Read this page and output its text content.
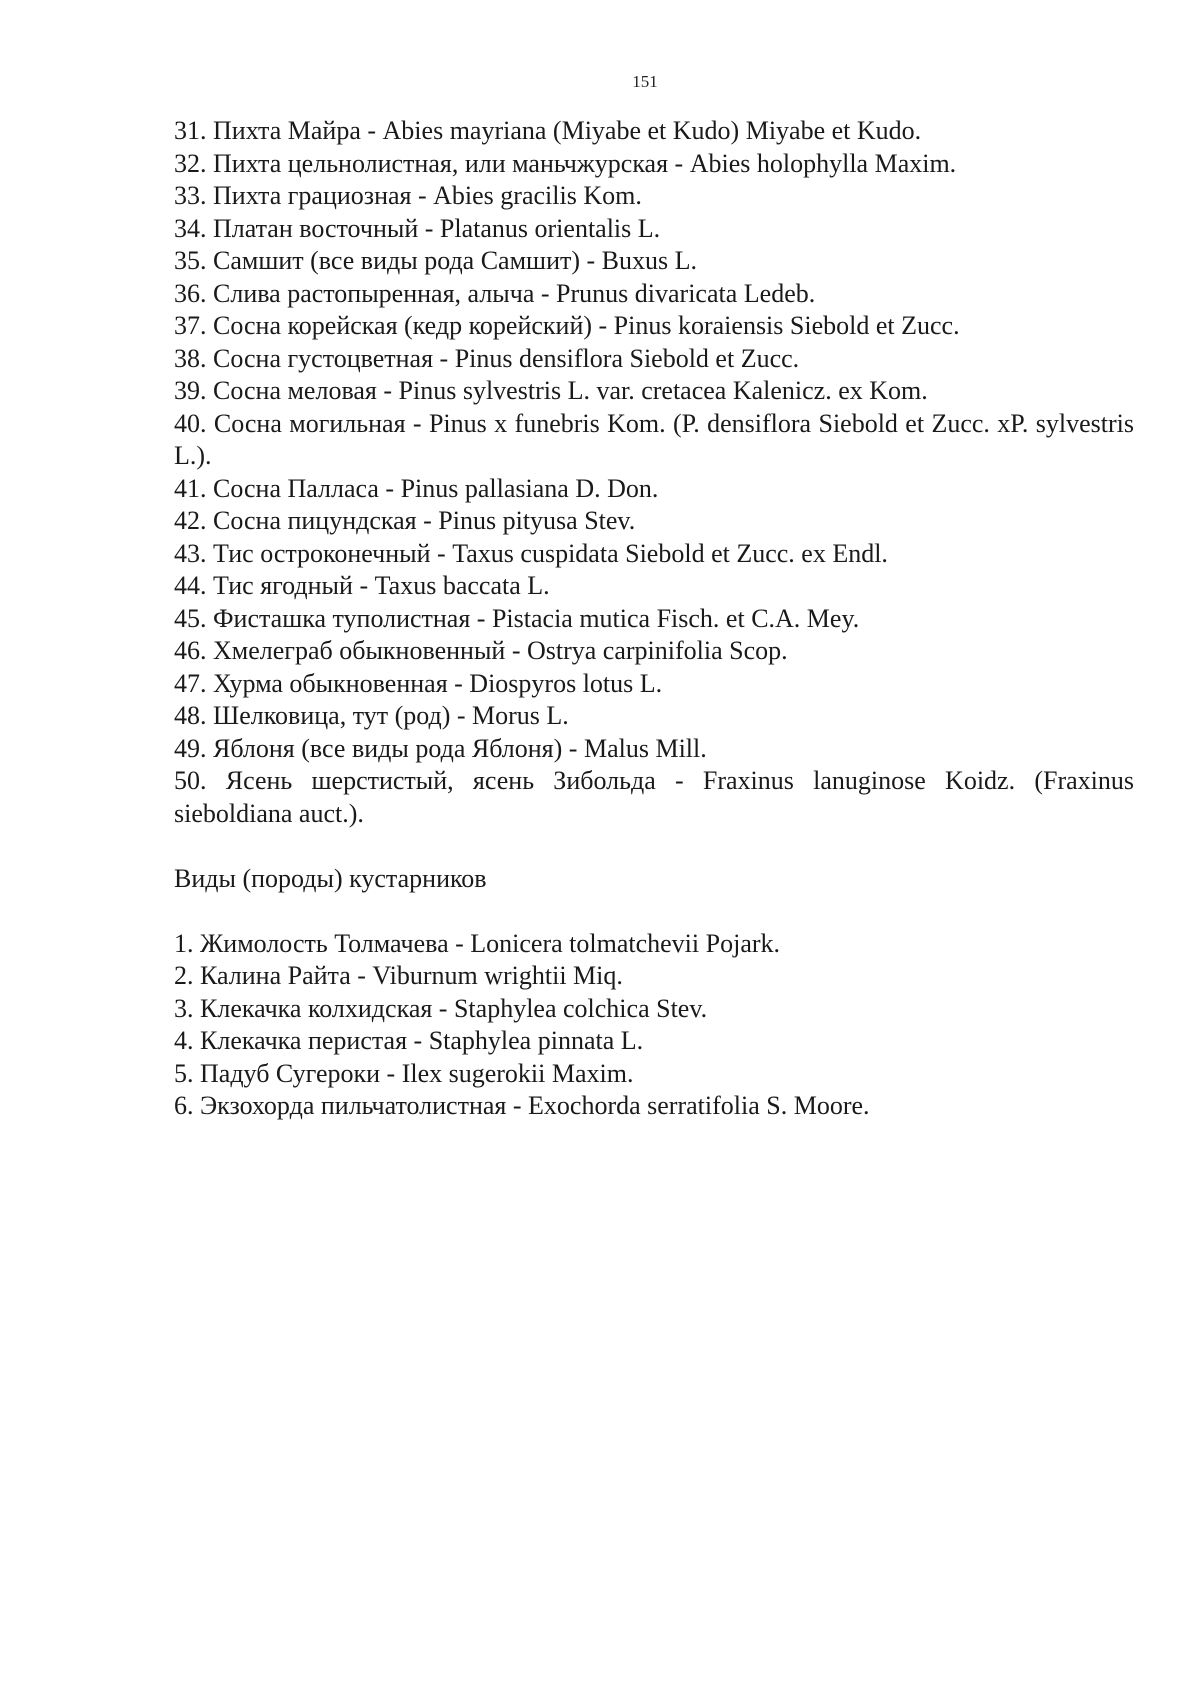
151

31. Пихта Майра - Abies mayriana (Miyabe et Kudo) Miyabe et Kudo.

32. Пихта цельнолистная, или маньчжурская - Abies holophylla Maxim.

33. Пихта грациозная - Abies gracilis Kom.

34. Платан восточный - Platanus orientalis L.

35. Самшит (все виды рода Самшит) - Buxus L.

36. Слива растопыренная, алыча - Prunus divaricata Ledeb.

37. Сосна корейская (кедр корейский) - Pinus koraiensis Siebold et Zucc.

38. Сосна густоцветная - Pinus densiflora Siebold et Zucc.

39. Сосна меловая - Pinus sylvestris L. var. cretacea Kalenicz. ex Kom.

40. Сосна могильная - Pinus x funebris Kom. (P. densiflora Siebold et Zucc. xP. sylvestris L.).

41. Сосна Палласа - Pinus pallasiana D. Don.

42. Сосна пицундская - Pinus pityusa Stev.

43. Тис остроконечный - Taxus cuspidata Siebold et Zucc. ex Endl.

44. Тис ягодный - Taxus baccata L.

45. Фисташка туполистная - Pistacia mutica Fisch. et C.A. Mey.

46. Хмелеграб обыкновенный - Ostrya carpinifolia Scop.

47. Хурма обыкновенная - Diospyros lotus L.

48. Шелковица, тут (род) - Morus L.

49. Яблоня (все виды рода Яблоня) - Malus Mill.

50. Ясень шерстистый, ясень Зибольда - Fraxinus lanuginose Koidz. (Fraxinus sieboldiana auct.).

Виды (породы) кустарников

1. Жимолость Толмачева - Lonicera tolmatchevii Pojark.

2. Калина Райта - Viburnum wrightii Miq.

3. Клекачка колхидская - Staphylea colchica Stev.

4. Клекачка перистая - Staphylea pinnata L.

5. Падуб Сугероки - Ilex sugerokii Maxim.

6. Экзохорда пильчатолистная - Exochorda serratifolia S. Moore.
